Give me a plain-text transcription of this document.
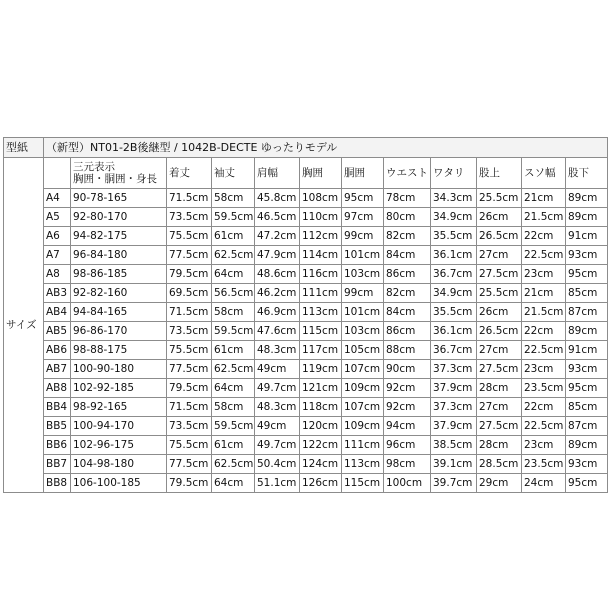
型紙	（新型）NT01-2B後継型 / 1042B-DECTE ゆったりモデル											
サイズ		三元表示
胸囲・胴囲・身長	着丈	袖丈	肩幅	胸囲	胴囲	ウエスト	ワタリ	股上	スソ幅	股下
	A4	90-78-165	71.5cm	58cm	45.8cm	108cm	95cm	78cm	34.3cm	25.5cm	21cm	89cm
	A5	92-80-170	73.5cm	59.5cm	46.5cm	110cm	97cm	80cm	34.9cm	26cm	21.5cm	89cm
	A6	94-82-175	75.5cm	61cm	47.2cm	112cm	99cm	82cm	35.5cm	26.5cm	22cm	91cm
	A7	96-84-180	77.5cm	62.5cm	47.9cm	114cm	101cm	84cm	36.1cm	27cm	22.5cm	93cm
	A8	98-86-185	79.5cm	64cm	48.6cm	116cm	103cm	86cm	36.7cm	27.5cm	23cm	95cm
	AB3	92-82-160	69.5cm	56.5cm	46.2cm	111cm	99cm	82cm	34.9cm	25.5cm	21cm	85cm
	AB4	94-84-165	71.5cm	58cm	46.9cm	113cm	101cm	84cm	35.5cm	26cm	21.5cm	87cm
	AB5	96-86-170	73.5cm	59.5cm	47.6cm	115cm	103cm	86cm	36.1cm	26.5cm	22cm	89cm
	AB6	98-88-175	75.5cm	61cm	48.3cm	117cm	105cm	88cm	36.7cm	27cm	22.5cm	91cm
	AB7	100-90-180	77.5cm	62.5cm	49cm	119cm	107cm	90cm	37.3cm	27.5cm	23cm	93cm
	AB8	102-92-185	79.5cm	64cm	49.7cm	121cm	109cm	92cm	37.9cm	28cm	23.5cm	95cm
	BB4	98-92-165	71.5cm	58cm	48.3cm	118cm	107cm	92cm	37.3cm	27cm	22cm	85cm
	BB5	100-94-170	73.5cm	59.5cm	49cm	120cm	109cm	94cm	37.9cm	27.5cm	22.5cm	87cm
	BB6	102-96-175	75.5cm	61cm	49.7cm	122cm	111cm	96cm	38.5cm	28cm	23cm	89cm
	BB7	104-98-180	77.5cm	62.5cm	50.4cm	124cm	113cm	98cm	39.1cm	28.5cm	23.5cm	93cm
	BB8	106-100-185	79.5cm	64cm	51.1cm	126cm	115cm	100cm	39.7cm	29cm	24cm	95cm
